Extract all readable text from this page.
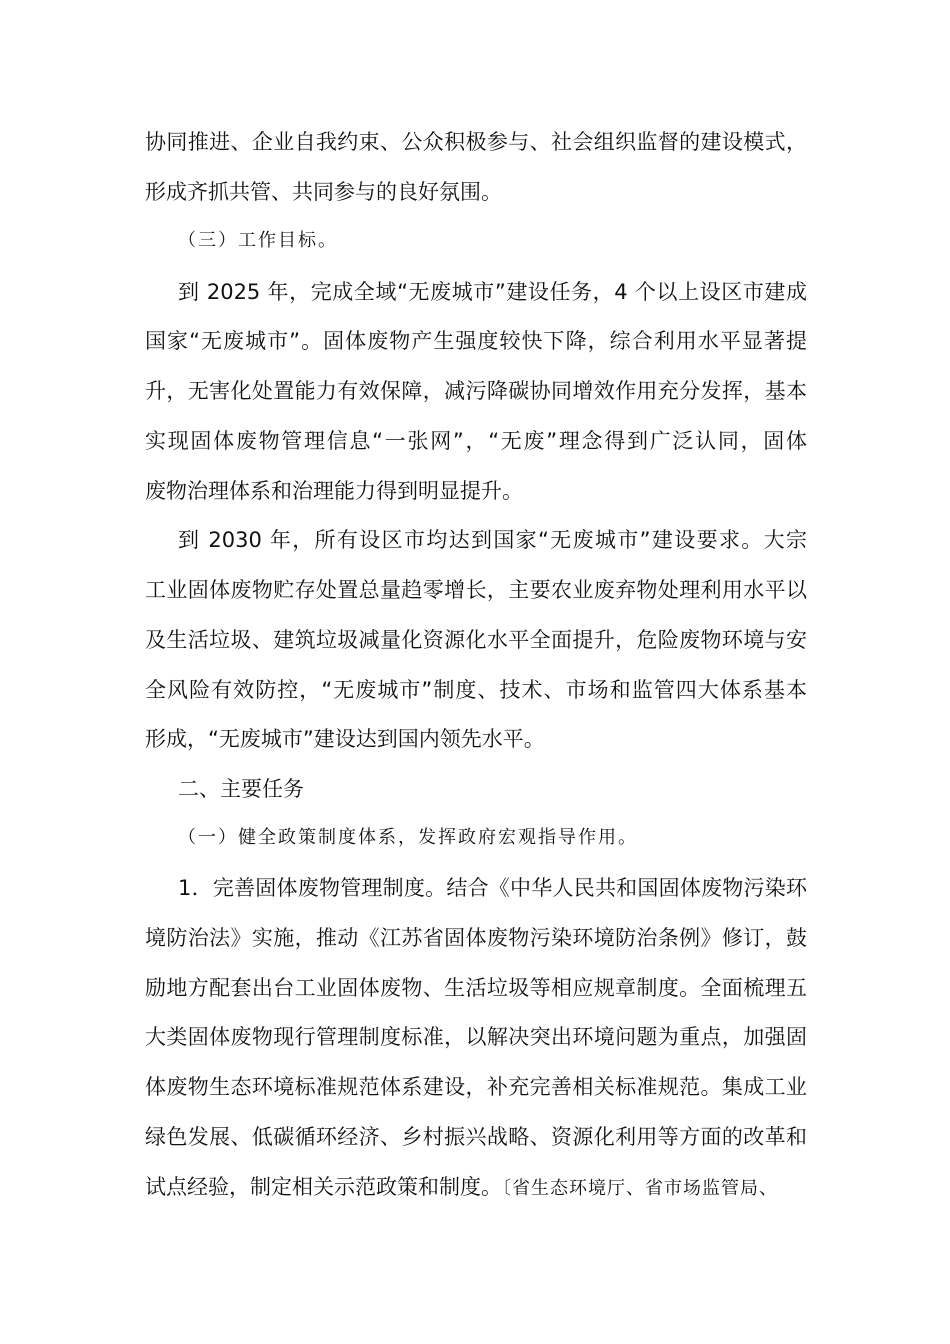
协同推进、企业自我约束、公众积极参与、社会组织监督的建设模式，
形成齐抓共管、共同参与的良好氛围。
（三）工作目标。
到 2025 年，完成全域“无废城市”建设任务，4 个以上设区市建成
国家“无废城市”。固体废物产生强度较快下降，综合利用水平显著提
升，无害化处置能力有效保障，减污降碳协同增效作用充分发挥，基本
实现固体废物管理信息“一张网”，“无废”理念得到广泛认同，固体
废物治理体系和治理能力得到明显提升。
到 2030 年，所有设区市均达到国家“无废城市”建设要求。大宗
工业固体废物贮存处置总量趋零增长，主要农业废弃物处理利用水平以
及生活垃圾、建筑垃圾减量化资源化水平全面提升，危险废物环境与安
全风险有效防控，“无废城市”制度、技术、市场和监管四大体系基本
形成，“无废城市”建设达到国内领先水平。
二、主要任务
（一）健全政策制度体系，发挥政府宏观指导作用。
1．完善固体废物管理制度。结合《中华人民共和国固体废物污染环
境防治法》实施，推动《江苏省固体废物污染环境防治条例》修订，鼓
励地方配套出台工业固体废物、生活垃圾等相应规章制度。全面梳理五
大类固体废物现行管理制度标准，以解决突出环境问题为重点，加强固
体废物生态环境标准规范体系建设，补充完善相关标准规范。集成工业
绿色发展、低碳循环经济、乡村振兴战略、资源化利用等方面的改革和
试点经验，制定相关示范政策和制度。〔省生态环境厅、省市场监管局、
